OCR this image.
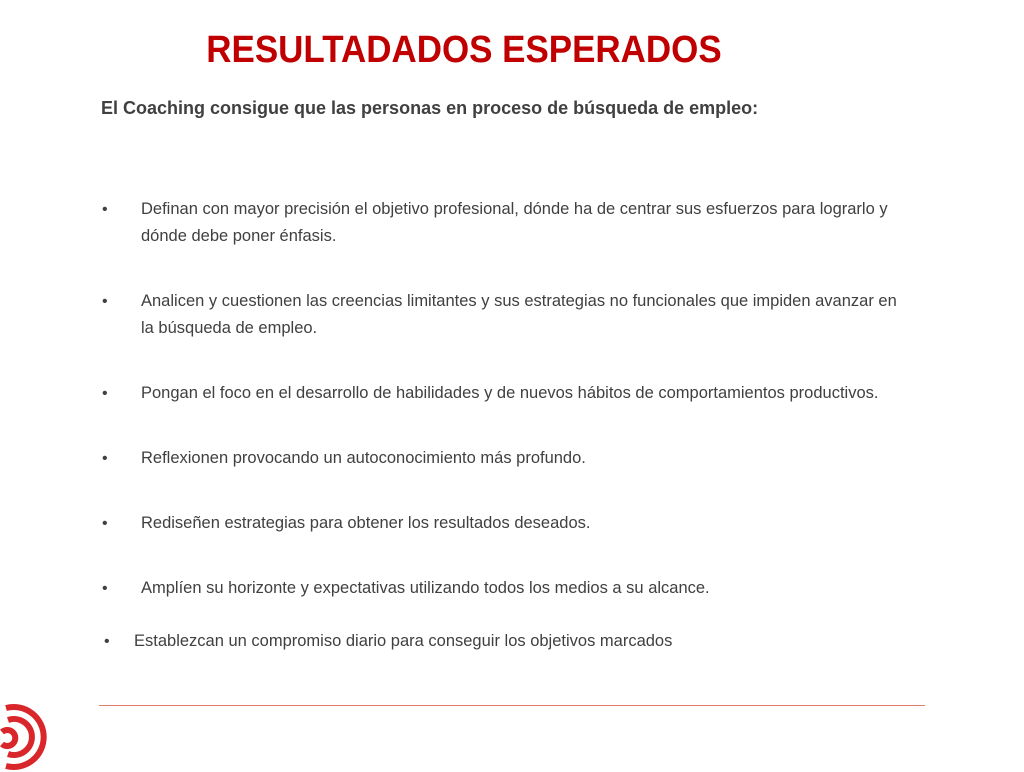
RESULTADADOS ESPERADOS

El Coaching consigue que las personas en proceso de búsqueda de empleo:

• Definan con mayor precisión el objetivo profesional, dónde ha de centrar sus esfuerzos para lograrlo y dónde debe poner énfasis.
• Analicen y cuestionen las creencias limitantes y sus estrategias no funcionales que impiden avanzar en la búsqueda de empleo.
• Pongan el foco en el desarrollo de habilidades y de nuevos hábitos de comportamientos productivos.
• Reflexionen provocando un autoconocimiento más profundo.
• Rediseñen estrategias para obtener los resultados deseados.
• Amplíen su horizonte y expectativas utilizando todos los medios a su alcance.
• Establezcan un compromiso diario para conseguir los objetivos marcados
